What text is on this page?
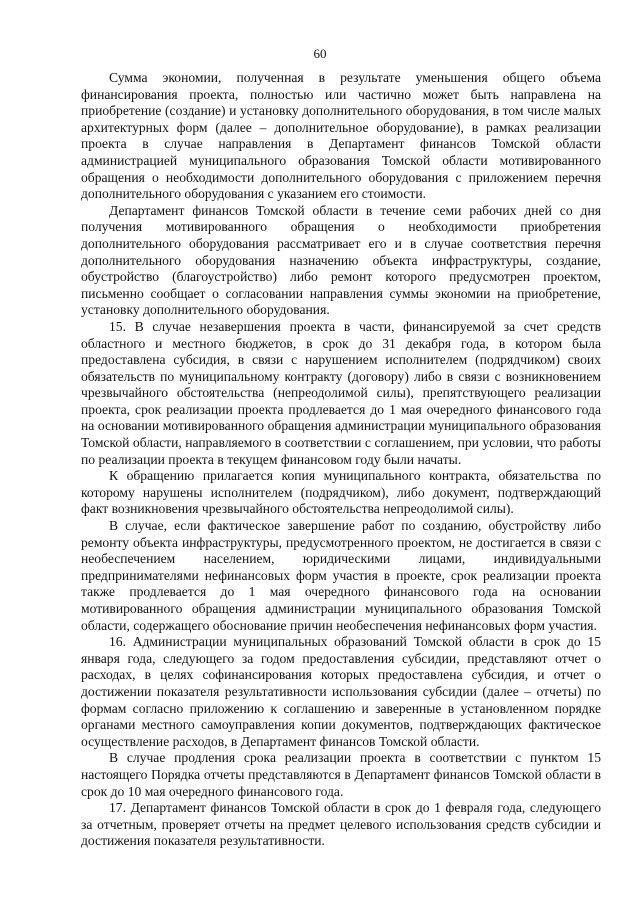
60

Сумма экономии, полученная в результате уменьшения общего объема финансирования проекта, полностью или частично может быть направлена на приобретение (создание) и установку дополнительного оборудования, в том числе малых архитектурных форм (далее – дополнительное оборудование), в рамках реализации проекта в случае направления в Департамент финансов Томской области администрацией муниципального образования Томской области мотивированного обращения о необходимости дополнительного оборудования с приложением перечня дополнительного оборудования с указанием его стоимости.

Департамент финансов Томской области в течение семи рабочих дней со дня получения мотивированного обращения о необходимости приобретения дополнительного оборудования рассматривает его и в случае соответствия перечня дополнительного оборудования назначению объекта инфраструктуры, создание, обустройство (благоустройство) либо ремонт которого предусмотрен проектом, письменно сообщает о согласовании направления суммы экономии на приобретение, установку дополнительного оборудования.

15. В случае незавершения проекта в части, финансируемой за счет средств областного и местного бюджетов, в срок до 31 декабря года, в котором была предоставлена субсидия, в связи с нарушением исполнителем (подрядчиком) своих обязательств по муниципальному контракту (договору) либо в связи с возникновением чрезвычайного обстоятельства (непреодолимой силы), препятствующего реализации проекта, срок реализации проекта продлевается до 1 мая очередного финансового года на основании мотивированного обращения администрации муниципального образования Томской области, направляемого в соответствии с соглашением, при условии, что работы по реализации проекта в текущем финансовом году были начаты.

К обращению прилагается копия муниципального контракта, обязательства по которому нарушены исполнителем (подрядчиком), либо документ, подтверждающий факт возникновения чрезвычайного обстоятельства непреодолимой силы).

В случае, если фактическое завершение работ по созданию, обустройству либо ремонту объекта инфраструктуры, предусмотренного проектом, не достигается в связи с необеспечением населением, юридическими лицами, индивидуальными предпринимателями нефинансовых форм участия в проекте, срок реализации проекта также продлевается до 1 мая очередного финансового года на основании мотивированного обращения администрации муниципального образования Томской области, содержащего обоснование причин необеспечения нефинансовых форм участия.

16. Администрации муниципальных образований Томской области в срок до 15 января года, следующего за годом предоставления субсидии, представляют отчет о расходах, в целях софинансирования которых предоставлена субсидия, и отчет о достижении показателя результативности использования субсидии (далее – отчеты) по формам согласно приложению к соглашению и заверенные в установленном порядке органами местного самоуправления копии документов, подтверждающих фактическое осуществление расходов, в Департамент финансов Томской области.

В случае продления срока реализации проекта в соответствии с пунктом 15 настоящего Порядка отчеты представляются в Департамент финансов Томской области в срок до 10 мая очередного финансового года.

17. Департамент финансов Томской области в срок до 1 февраля года, следующего за отчетным, проверяет отчеты на предмет целевого использования средств субсидии и достижения показателя результативности.
